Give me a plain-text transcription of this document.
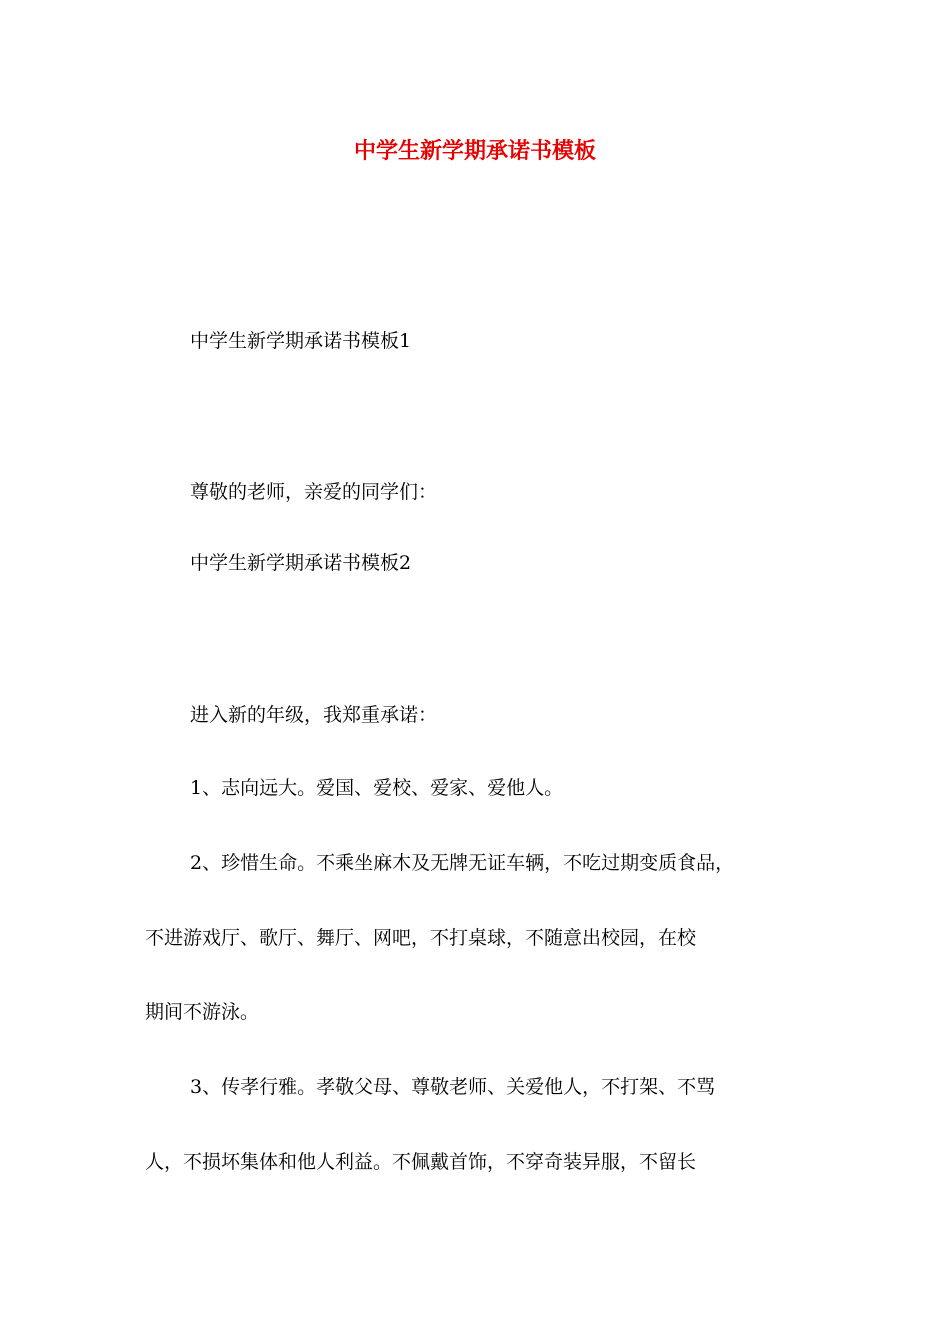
中学生新学期承诺书模板
中学生新学期承诺书模板1
尊敬的老师，亲爱的同学们：
中学生新学期承诺书模板2
进入新的年级，我郑重承诺：
1、志向远大。爱国、爱校、爱家、爱他人。
2、珍惜生命。不乘坐麻木及无牌无证车辆，不吃过期变质食品，
不进游戏厅、歌厅、舞厅、网吧，不打桌球，不随意出校园，在校
期间不游泳。
3、传孝行雅。孝敬父母、尊敬老师、关爱他人，不打架、不骂
人，不损坏集体和他人利益。不佩戴首饰，不穿奇装异服，不留长
